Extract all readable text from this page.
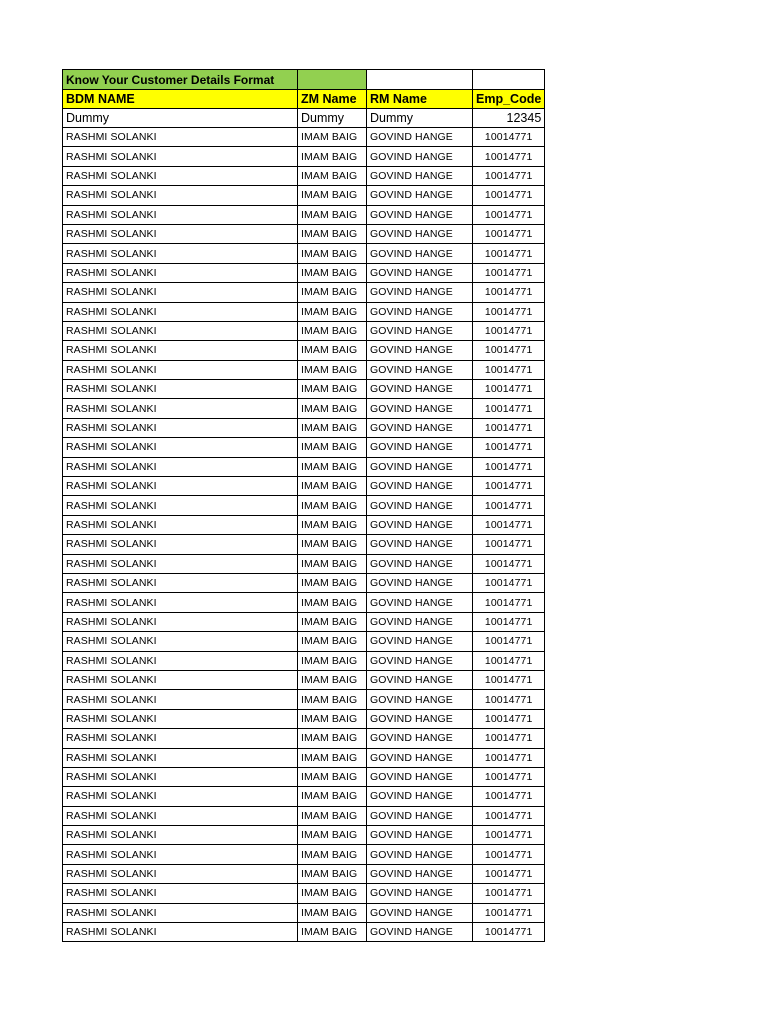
Know Your Customer Details Format			
BDM NAME	ZM Name	RM Name	Emp_Code
Dummy	Dummy	Dummy	12345
RASHMI SOLANKI	IMAM BAIG	GOVIND HANGE	10014771
RASHMI SOLANKI	IMAM BAIG	GOVIND HANGE	10014771
RASHMI SOLANKI	IMAM BAIG	GOVIND HANGE	10014771
RASHMI SOLANKI	IMAM BAIG	GOVIND HANGE	10014771
RASHMI SOLANKI	IMAM BAIG	GOVIND HANGE	10014771
RASHMI SOLANKI	IMAM BAIG	GOVIND HANGE	10014771
RASHMI SOLANKI	IMAM BAIG	GOVIND HANGE	10014771
RASHMI SOLANKI	IMAM BAIG	GOVIND HANGE	10014771
RASHMI SOLANKI	IMAM BAIG	GOVIND HANGE	10014771
RASHMI SOLANKI	IMAM BAIG	GOVIND HANGE	10014771
RASHMI SOLANKI	IMAM BAIG	GOVIND HANGE	10014771
RASHMI SOLANKI	IMAM BAIG	GOVIND HANGE	10014771
RASHMI SOLANKI	IMAM BAIG	GOVIND HANGE	10014771
RASHMI SOLANKI	IMAM BAIG	GOVIND HANGE	10014771
RASHMI SOLANKI	IMAM BAIG	GOVIND HANGE	10014771
RASHMI SOLANKI	IMAM BAIG	GOVIND HANGE	10014771
RASHMI SOLANKI	IMAM BAIG	GOVIND HANGE	10014771
RASHMI SOLANKI	IMAM BAIG	GOVIND HANGE	10014771
RASHMI SOLANKI	IMAM BAIG	GOVIND HANGE	10014771
RASHMI SOLANKI	IMAM BAIG	GOVIND HANGE	10014771
RASHMI SOLANKI	IMAM BAIG	GOVIND HANGE	10014771
RASHMI SOLANKI	IMAM BAIG	GOVIND HANGE	10014771
RASHMI SOLANKI	IMAM BAIG	GOVIND HANGE	10014771
RASHMI SOLANKI	IMAM BAIG	GOVIND HANGE	10014771
RASHMI SOLANKI	IMAM BAIG	GOVIND HANGE	10014771
RASHMI SOLANKI	IMAM BAIG	GOVIND HANGE	10014771
RASHMI SOLANKI	IMAM BAIG	GOVIND HANGE	10014771
RASHMI SOLANKI	IMAM BAIG	GOVIND HANGE	10014771
RASHMI SOLANKI	IMAM BAIG	GOVIND HANGE	10014771
RASHMI SOLANKI	IMAM BAIG	GOVIND HANGE	10014771
RASHMI SOLANKI	IMAM BAIG	GOVIND HANGE	10014771
RASHMI SOLANKI	IMAM BAIG	GOVIND HANGE	10014771
RASHMI SOLANKI	IMAM BAIG	GOVIND HANGE	10014771
RASHMI SOLANKI	IMAM BAIG	GOVIND HANGE	10014771
RASHMI SOLANKI	IMAM BAIG	GOVIND HANGE	10014771
RASHMI SOLANKI	IMAM BAIG	GOVIND HANGE	10014771
RASHMI SOLANKI	IMAM BAIG	GOVIND HANGE	10014771
RASHMI SOLANKI	IMAM BAIG	GOVIND HANGE	10014771
RASHMI SOLANKI	IMAM BAIG	GOVIND HANGE	10014771
RASHMI SOLANKI	IMAM BAIG	GOVIND HANGE	10014771
RASHMI SOLANKI	IMAM BAIG	GOVIND HANGE	10014771
RASHMI SOLANKI	IMAM BAIG	GOVIND HANGE	10014771
